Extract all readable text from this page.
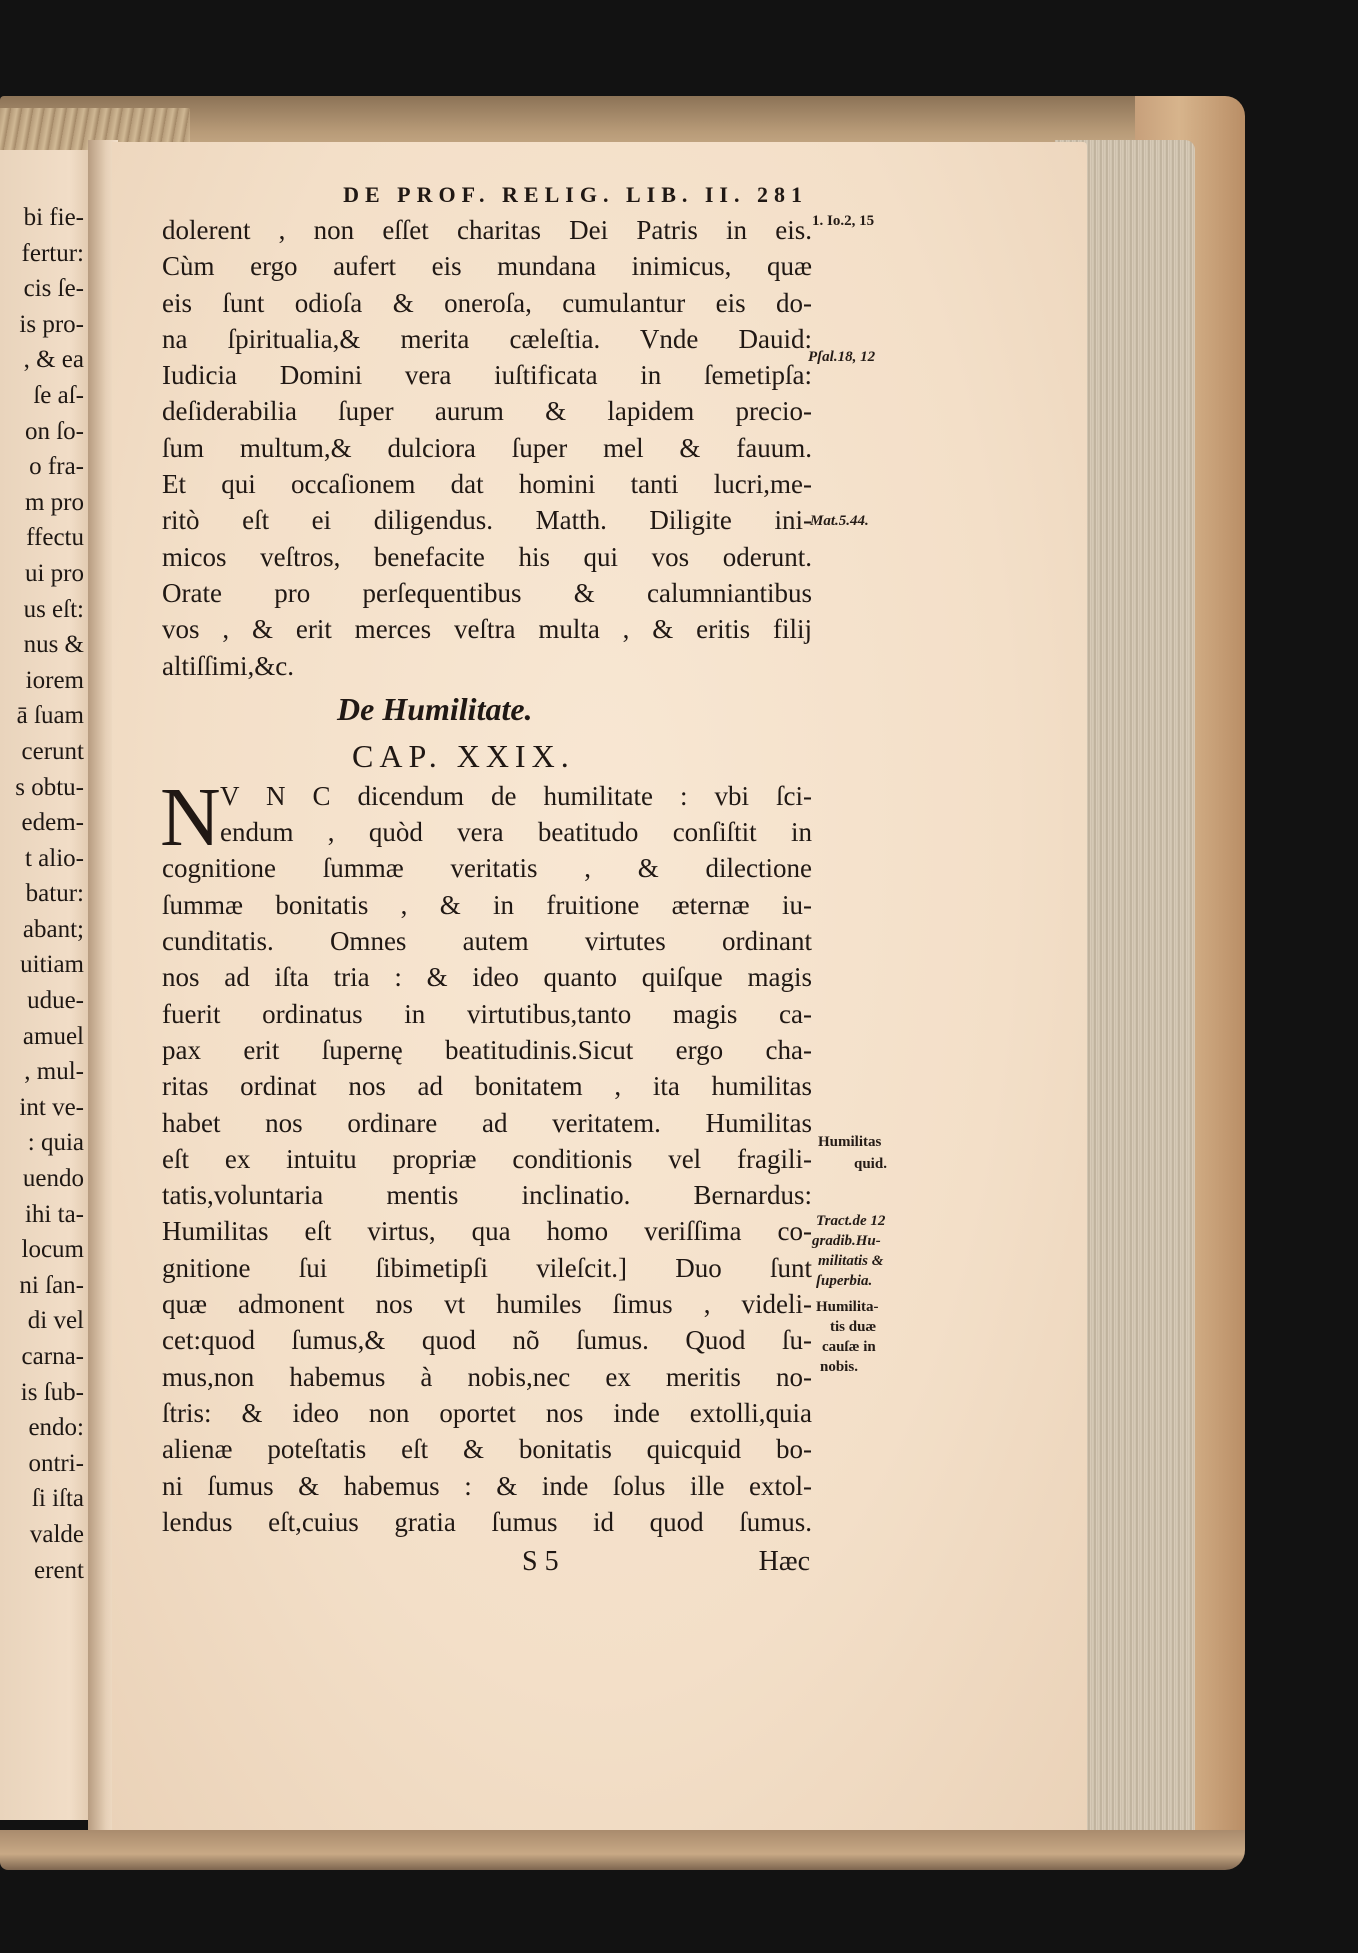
bi fie-
fertur:
cis ſe-
is pro-
, & ea
ſe aſ-
on ſo-
o fra-
m pro
ffectu
ui pro
us eſt:
nus &
iorem
ā ſuam
cerunt
s obtu-
edem-
t alio-
batur:
abant;
uitiam
udue-
amuel
, mul-
int ve-
: quia
uendo
ihi ta-
locum
ni ſan-
di vel
carna-
is ſub-
endo:
ontri-
ſi iſta
valde
erent
DE PROF. RELIG. LIB. II. 281
dolerent , non eſſet charitas Dei Patris in eis.
Cùm ergo aufert eis mundana inimicus, quæ
eis ſunt odioſa & oneroſa, cumulantur eis do-
na ſpiritualia,& merita cæleſtia. Vnde Dauid:
Iudicia Domini vera iuſtificata in ſemetipſa:
deſiderabilia ſuper aurum & lapidem precio-
ſum multum,& dulciora ſuper mel & fauum.
Et qui occaſionem dat homini tanti lucri,me-
ritò eſt ei diligendus. Matth. Diligite ini-
micos veſtros, benefacite his qui vos oderunt.
Orate pro perſequentibus & calumniantibus
vos , & erit merces veſtra multa , & eritis filij
altiſſimi,&c.
De Humilitate.
CAP. XXIX.
N V N C dicendum de humilitate : vbi ſci-
endum , quòd vera beatitudo conſiſtit in
cognitione ſummæ veritatis , & dilectione
ſummæ bonitatis , & in fruitione æternæ iu-
cunditatis. Omnes autem virtutes ordinant
nos ad iſta tria : & ideo quanto quiſque magis
fuerit ordinatus in virtutibus,tanto magis ca-
pax erit ſupernę beatitudinis.Sicut ergo cha-
ritas ordinat nos ad bonitatem , ita humilitas
habet nos ordinare ad veritatem. Humilitas
eſt ex intuitu propriæ conditionis vel fragili-
tatis,voluntaria mentis inclinatio. Bernardus:
Humilitas eſt virtus, qua homo veriſſima co-
gnitione ſui ſibimetipſi vileſcit.] Duo ſunt
quæ admonent nos vt humiles ſimus , videli-
cet:quod ſumus,& quod nõ ſumus. Quod ſu-
mus,non habemus à nobis,nec ex meritis no-
ſtris: & ideo non oportet nos inde extolli,quia
alienæ poteſtatis eſt & bonitatis quicquid bo-
ni ſumus & habemus : & inde ſolus ille extol-
lendus eſt,cuius gratia ſumus id quod ſumus.
S 5	Hæc
1. Io.2, 15
Pſal.18, 12
Mat.5.44.
Humilitas
quid.
Tract.de 12
gradib.Hu-
militatis &
ſuperbia.
Humilita-
tis duæ
cauſæ in
nobis.
